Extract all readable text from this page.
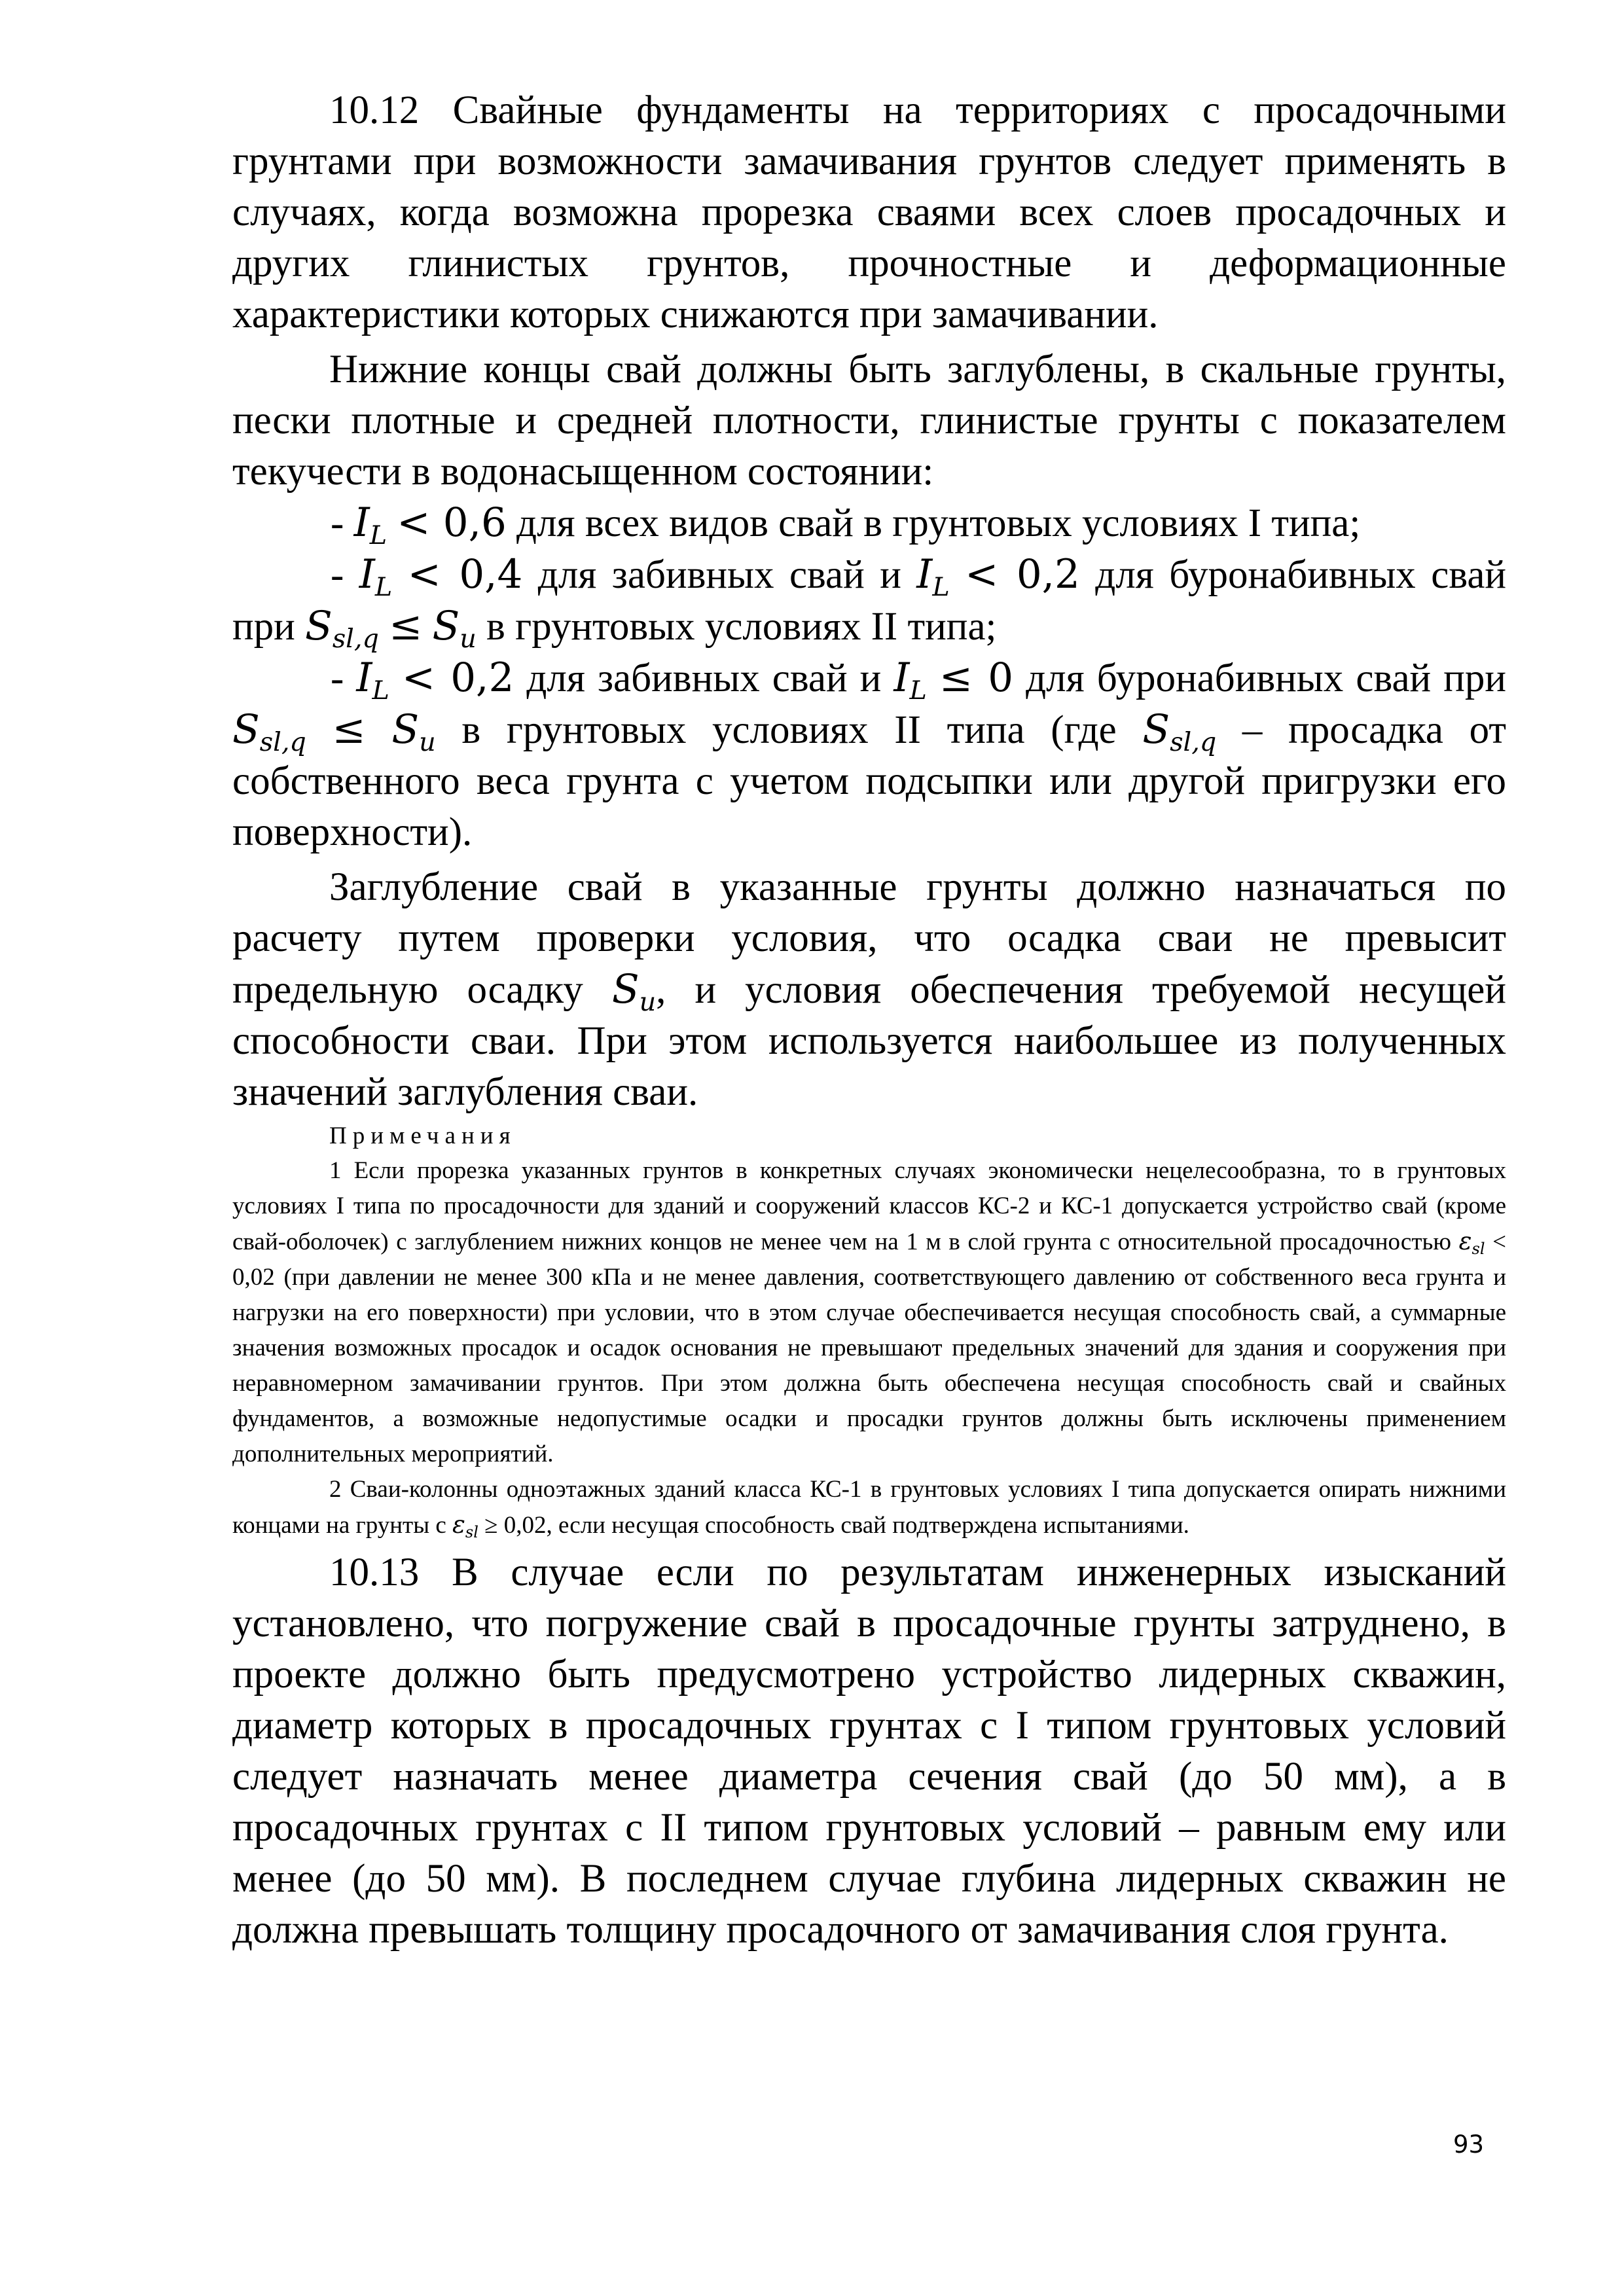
10.12 Свайные фундаменты на территориях с просадочными грунтами при возможности замачивания грунтов следует применять в случаях, когда возможна прорезка сваями всех слоев просадочных и других глинистых грунтов, прочностные и деформационные характеристики которых снижаются при замачивании.

Нижние концы свай должны быть заглублены, в скальные грунты, пески плотные и средней плотности, глинистые грунты с показателем текучести в водонасыщенном состоянии:

- $I_L < 0,6$ для всех видов свай в грунтовых условиях I типа;

- $I_L < 0,4$ для забивных свай и $I_L < 0,2$ для буронабивных свай при $S_{sl,q} \le S_u$ в грунтовых условиях II типа;

- $I_L < 0,2$ для забивных свай и $I_L \le 0$ для буронабивных свай при $S_{sl,q} \le S_u$ в грунтовых условиях II типа (где $S_{sl,q}$ – просадка от собственного веса грунта с учетом подсыпки или другой пригрузки его поверхности).

Заглубление свай в указанные грунты должно назначаться по расчету путем проверки условия, что осадка сваи не превысит предельную осадку $S_u$, и условия обеспечения требуемой несущей способности сваи. При этом используется наибольшее из полученных значений заглубления сваи.

Примечания

1 Если прорезка указанных грунтов в конкретных случаях экономически нецелесообразна, то в грунтовых условиях I типа по просадочности для зданий и сооружений классов КС-2 и КС-1 допускается устройство свай (кроме свай-оболочек) с заглублением нижних концов не менее чем на 1 м в слой грунта с относительной просадочностью $\varepsilon_{sl} < 0,02$ (при давлении не менее 300 кПа и не менее давления, соответствующего давлению от собственного веса грунта и нагрузки на его поверхности) при условии, что в этом случае обеспечивается несущая способность свай, а суммарные значения возможных просадок и осадок основания не превышают предельных значений для здания и сооружения при неравномерном замачивании грунтов. При этом должна быть обеспечена несущая способность свай и свайных фундаментов, а возможные недопустимые осадки и просадки грунтов должны быть исключены применением дополнительных мероприятий.

2 Сваи-колонны одноэтажных зданий класса КС-1 в грунтовых условиях I типа допускается опирать нижними концами на грунты с $\varepsilon_{sl} \ge 0,02$, если несущая способность свай подтверждена испытаниями.

10.13 В случае если по результатам инженерных изысканий установлено, что погружение свай в просадочные грунты затруднено, в проекте должно быть предусмотрено устройство лидерных скважин, диаметр которых в просадочных грунтах с I типом грунтовых условий следует назначать менее диаметра сечения свай (до 50 мм), а в просадочных грунтах с II типом грунтовых условий – равным ему или менее (до 50 мм). В последнем случае глубина лидерных скважин не должна превышать толщину просадочного от замачивания слоя грунта.

93
